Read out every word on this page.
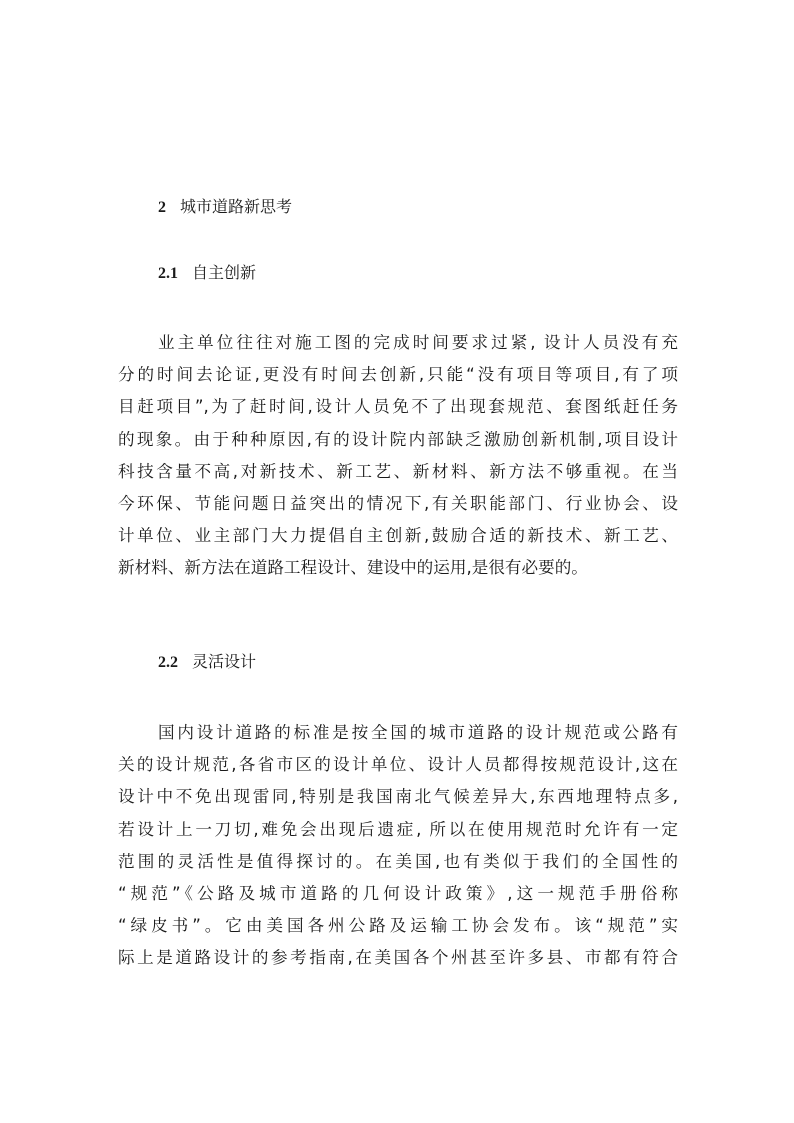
2 城市道路新思考
2.1 自主创新
业主单位往往对施工图的完成时间要求过紧, 设计人员没有充
分的时间去论证,更没有时间去创新,只能“没有项目等项目,有了项
目赶项目”,为了赶时间,设计人员免不了出现套规范、套图纸赶任务
的现象。由于种种原因,有的设计院内部缺乏激励创新机制,项目设计
科技含量不高,对新技术、新工艺、新材料、新方法不够重视。在当
今环保、节能问题日益突出的情况下,有关职能部门、行业协会、设
计单位、业主部门大力提倡自主创新,鼓励合适的新技术、新工艺、
新材料、新方法在道路工程设计、建设中的运用,是很有必要的。
2.2 灵活设计
国内设计道路的标准是按全国的城市道路的设计规范或公路有
关的设计规范,各省市区的设计单位、设计人员都得按规范设计,这在
设计中不免出现雷同,特别是我国南北气候差异大,东西地理特点多,
若设计上一刀切,难免会出现后遗症, 所以在使用规范时允许有一定
范围的灵活性是值得探讨的。在美国,也有类似于我们的全国性的
“规范”《公路及城市道路的几何设计政策》,这一规范手册俗称
“绿皮书”。它由美国各州公路及运输工协会发布。该“规范”实
际上是道路设计的参考指南,在美国各个州甚至许多县、市都有符合
